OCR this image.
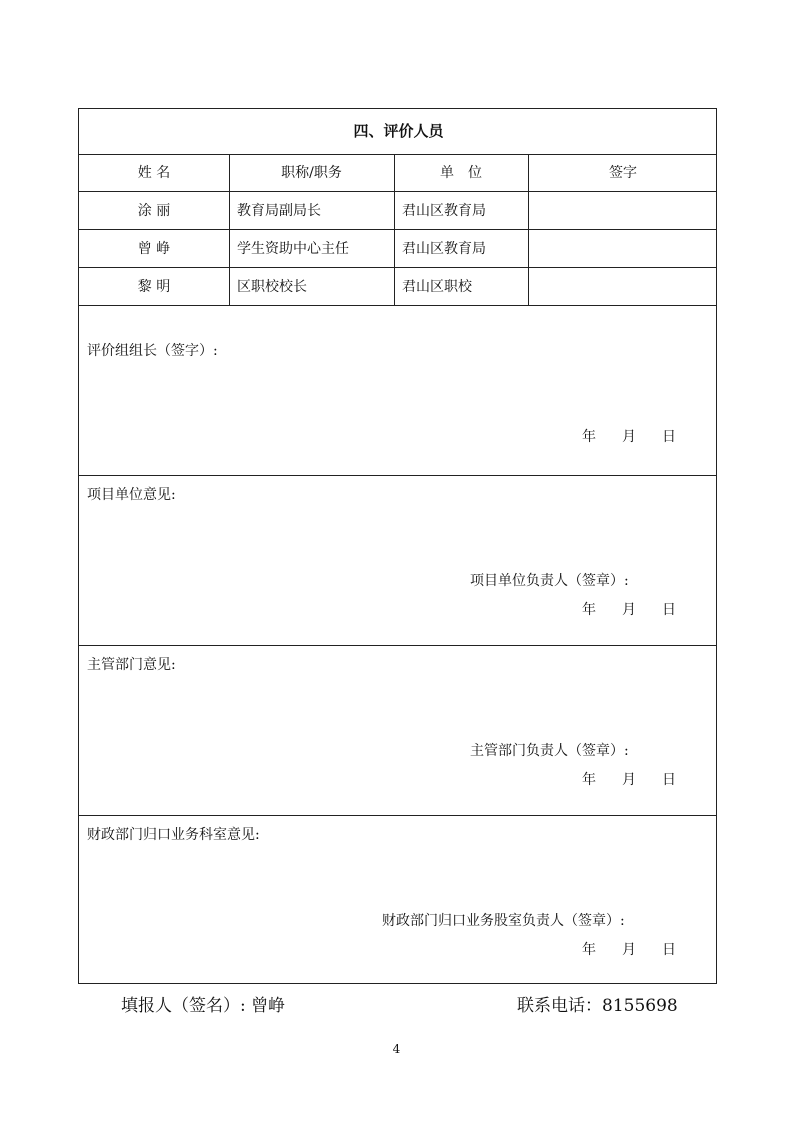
四、评价人员
姓 名	职称/职务	单　位	签字
涂 丽	教育局副局长	君山区教育局
曾 峥	学生资助中心主任	君山区教育局
黎 明	区职校校长	君山区职校
评价组组长（签字）:
年 月 日
项目单位意见:
项目单位负责人（签章）:
年 月 日
主管部门意见:
主管部门负责人（签章）:
年 月 日
财政部门归口业务科室意见:
财政部门归口业务股室负责人（签章）:
年 月 日
填报人（签名）: 曾峥	联系电话：8155698
4
